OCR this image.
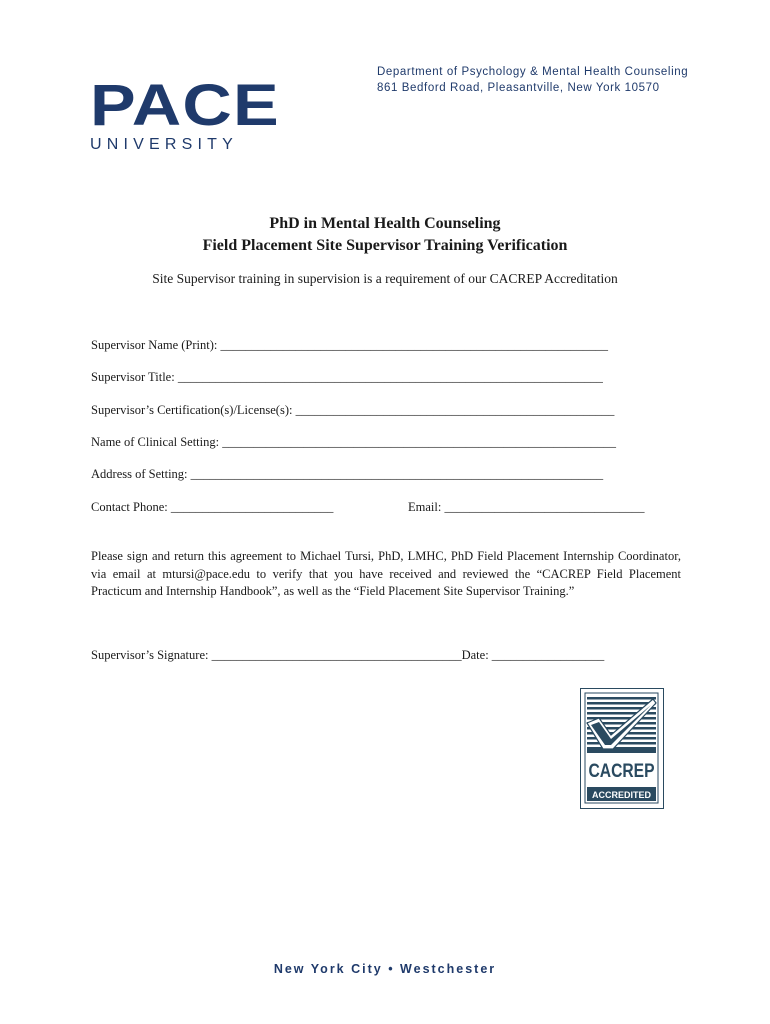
PACE
UNIVERSITY
Department of Psychology & Mental Health Counseling
861 Bedford Road, Pleasantville, New York 10570
PhD in Mental Health Counseling
Field Placement Site Supervisor Training Verification
Site Supervisor training in supervision is a requirement of our CACREP Accreditation
Supervisor Name (Print): ______________________________________________________________
Supervisor Title: ____________________________________________________________________
Supervisor’s Certification(s)/License(s): ___________________________________________________
Name of Clinical Setting: _______________________________________________________________
Address of Setting: __________________________________________________________________
Contact Phone: __________________________	Email: ________________________________
Please sign and return this agreement to Michael Tursi, PhD, LMHC, PhD Field Placement Internship Coordinator, via email at mtursi@pace.edu to verify that you have received and reviewed the “CACREP Field Placement Practicum and Internship Handbook”, as well as the “Field Placement Site Supervisor Training.”
Supervisor’s Signature: ________________________________________Date: __________________
CACREP
ACCREDITED
New York City • Westchester
